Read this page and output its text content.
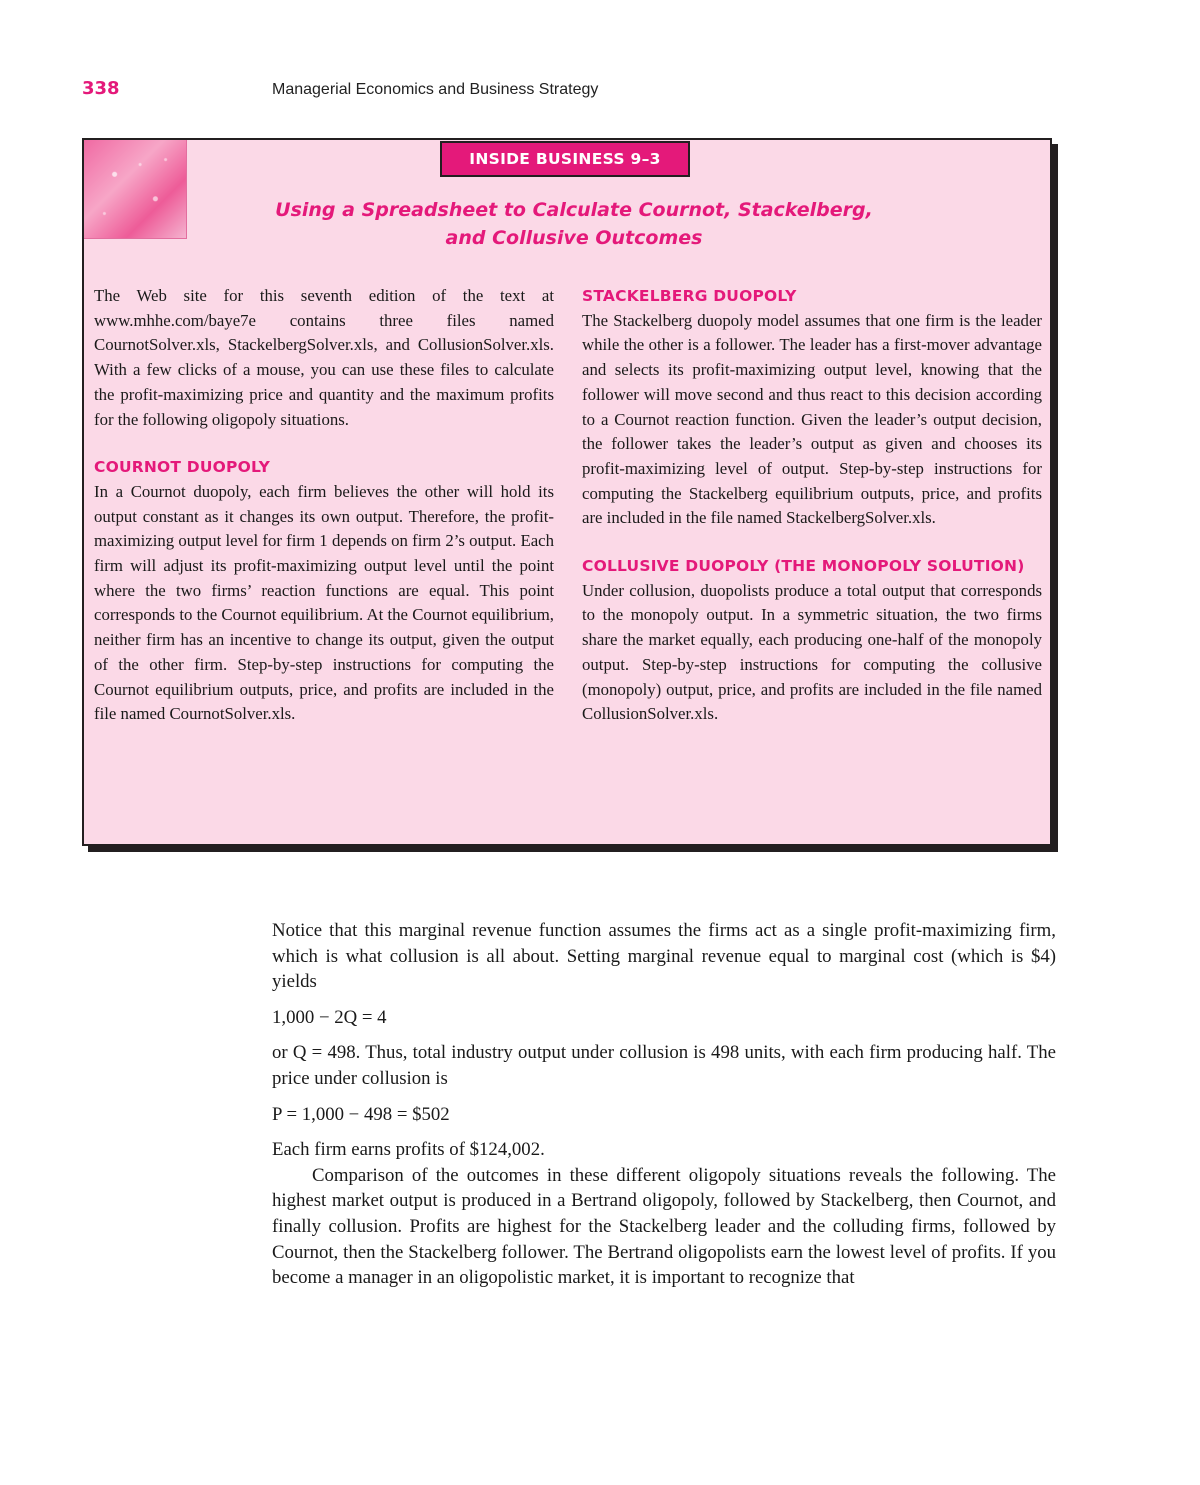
338	Managerial Economics and Business Strategy
INSIDE BUSINESS 9–3
Using a Spreadsheet to Calculate Cournot, Stackelberg,
and Collusive Outcomes

The Web site for this seventh edition of the text at www.mhhe.com/baye7e contains three files named CournotSolver.xls, StackelbergSolver.xls, and CollusionSolver.xls. With a few clicks of a mouse, you can use these files to calculate the profit-maximizing price and quantity and the maximum profits for the following oligopoly situations.

COURNOT DUOPOLY

In a Cournot duopoly, each firm believes the other will hold its output constant as it changes its own output. Therefore, the profit-maximizing output level for firm 1 depends on firm 2’s output. Each firm will adjust its profit-maximizing output level until the point where the two firms’ reaction functions are equal. This point corresponds to the Cournot equilibrium. At the Cournot equilibrium, neither firm has an incentive to change its output, given the output of the other firm. Step-by-step instructions for computing the Cournot equilibrium outputs, price, and profits are included in the file named CournotSolver.xls.

STACKELBERG DUOPOLY

The Stackelberg duopoly model assumes that one firm is the leader while the other is a follower. The leader has a first-mover advantage and selects its profit-maximizing output level, knowing that the follower will move second and thus react to this decision according to a Cournot reaction function. Given the leader’s output decision, the follower takes the leader’s output as given and chooses its profit-maximizing level of output. Step-by-step instructions for computing the Stackelberg equilibrium outputs, price, and profits are included in the file named StackelbergSolver.xls.

COLLUSIVE DUOPOLY (THE MONOPOLY SOLUTION)

Under collusion, duopolists produce a total output that corresponds to the monopoly output. In a symmetric situation, the two firms share the market equally, each producing one-half of the monopoly output. Step-by-step instructions for computing the collusive (monopoly) output, price, and profits are included in the file named CollusionSolver.xls.

Notice that this marginal revenue function assumes the firms act as a single profit-maximizing firm, which is what collusion is all about. Setting marginal revenue equal to marginal cost (which is $4) yields

1,000 − 2Q = 4

or Q = 498. Thus, total industry output under collusion is 498 units, with each firm producing half. The price under collusion is

P = 1,000 − 498 = $502

Each firm earns profits of $124,002.

Comparison of the outcomes in these different oligopoly situations reveals the following. The highest market output is produced in a Bertrand oligopoly, followed by Stackelberg, then Cournot, and finally collusion. Profits are highest for the Stackelberg leader and the colluding firms, followed by Cournot, then the Stackelberg follower. The Bertrand oligopolists earn the lowest level of profits. If you become a manager in an oligopolistic market, it is important to recognize that
